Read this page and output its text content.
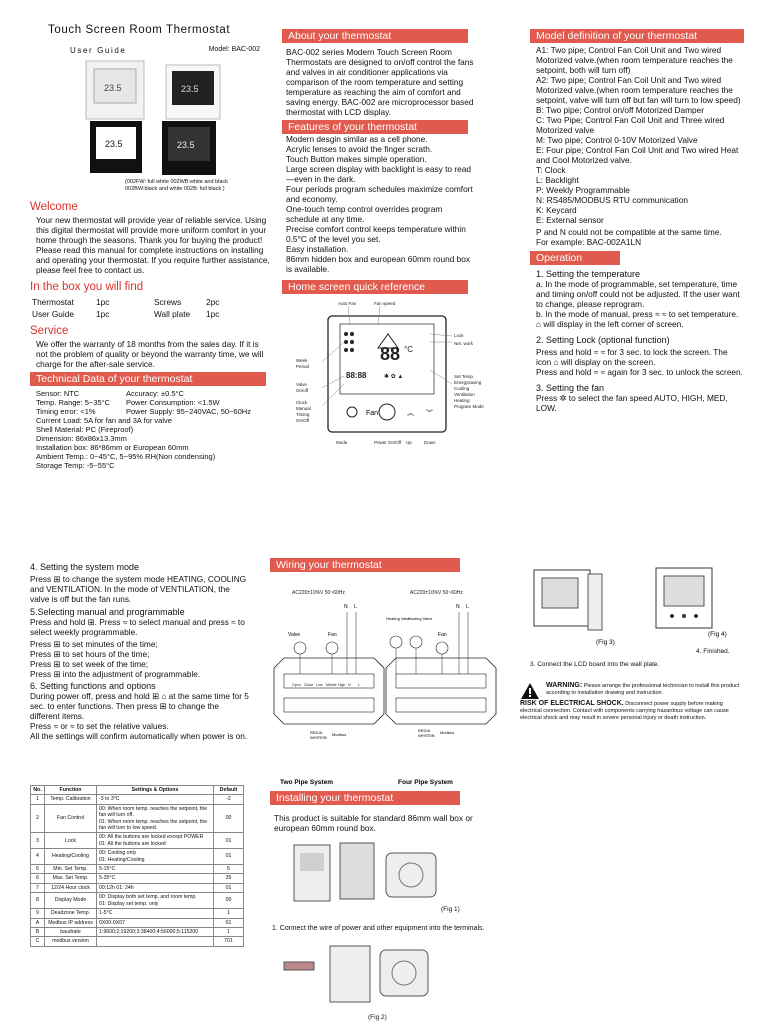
Touch Screen Room Thermostat
User Guide	Model: BAC-002
23.5	23.5
23.5	23.5
(002FW: full white 002WB:white and black
002BW:black and white 002B: full black )
Welcome

Your new thermostat will provide year of reliable service. Using this digital thermostat will provide more uniform comfort in your home through the seasons. Thank you for buying the product! Please read this manual for complete instructions on installing and operating your thermostat. If you require further assistance, please feel free to contact us.

In the box you will find
Thermostat	1pc	Screws	2pc
User Guide	1pc	Wall plate	1pc
Service

We offer the warranty of 18 months from the sales day. If it is not the problem of quality or beyond the warranty time, we will charge for the after-sale service.

Technical Data of your thermostat
Sensor: NTC	Accuracy: ±0.5°C
Temp. Range: 5~35°C	Power Consumption: <1.5W
Timing error: <1%	Power Supply: 95~240VAC, 50~60Hz
Current Load: 5A for fan and 3A for valve
Shell Material: PC (Fireproof)
Dimension: 86x86x13.3mm
Installation box: 86*86mm or European 60mm
Ambient Temp.: 0~45°C, 5~95% RH(Non condensing)
Storage Temp: -5~55°C
About your thermostat

BAC-002 series Modern Touch Screen Room Thermostats are designed to on/off control the fans and valves in air conditioner applications via comparison of the room temperature and setting temperature as reaching the aim of comfort and saving energy. BAC-002 are microprocessor based thermostat with LCD display.

Features of your thermostat

Modern desgin similar as a cell phone.

Acrylic lenses to avoid the finger scrath.

Touch Button makes simple operation.

Large screen display with backlight is easy to read—even in the dark.

Four periods program schedules maximize comfort and economy.

One-touch temp control overrides program schedule at any time.

Precise comfort control keeps temperature within 0.5°C of the level you set.

Easy installation.

86mm hidden box and european 60mm round box is available.

Home screen quick reference
88 °C
88:88	✱ ✿ ▲
Fan	︽ ︾
Auto Fan	Fan speed
Lock
Net. work
Set Temp.
Energysaving
Cooling
Ventilation
Heating
Program Mode
Week
Period
Valve
On/off
Clock
Manual
Timing
On/Off
Mode	Power On/Off Up	Down
Model definition of your thermostat

A1: Two pipe; Control Fan Coil Unit and Two wired Motorized valve.(when room temperature reaches the setpoint, both will turn off)

A2: Two pipe; Control Fan Coil Unit and Two wired Motorized valve.(when room temperature reaches the setpoint, valve will turn off but fan will turn to low speed)

B: Two pipe; Control on/off Motorized Damper

C: Two Pipe; Control Fan Coil Unit and Three wired Motorized valve

M: Two pipe; Control 0-10V Motorized Valve

E: Four pipe; Control Fan Coil Unit and Two wired Heat and Cool Motorized valve.

T: Clock

L: Backlight

P: Weekly Programmable

N: RS485/MODBUS RTU communication

K: Keycard

E: External sensor

P and N could not be compatible at the same time.

For example: BAC-002A1LN

Operation

1. Setting the temperature

a. In the mode of programmable, set temperature, time and timing on/off could not be adjusted. If the user want to change, please reprogram.

b. In the mode of manual, press ≈ ≈ to set temperature. ⌂ will display in the left corner of screen.

2. Setting Lock (optional function)

Press and hold ≈ ≈ for 3 sec. to lock the screen. The icon ⌂ will display on the screen.

Press and hold ≈ ≈ again for 3 sec. to unlock the screen.

3. Setting the fan

Press ✲ to select the fan speed AUTO, HIGH, MED, LOW.

4. Setting the system mode

Press ⊞ to change the system mode HEATING, COOLING and VENTILATION. In the mode of VENTILATION, the valve is off but the fan runs.

5.Selecting manual and programmable

Press and hold ⊞. Press ≈ to select manual and press ≈ to select weekly programmable.

Press ⊞ to set minutes of the time;

Press ⊞ to set hours of the time;

Press ⊞ to set week of the time;

Press ⊞ into the adjustment of programmable.

6. Setting functions and options

During power off, press and hold ⊞ ⌂ at the same time for 5 sec. to enter functions. Then press ⊞ to change the different items.

Press ≈ or ≈ to set the relative values.

All the settings will confirm automatically when power is on.

No.	Function	Settings & Options	Default
1	Temp. Calibration	-3 to 3°C	-2
2	Fan Control	00: When room temp. reaches the setpoint, the fan will turn off.
01: When room temp. reaches the setpoint, the fan will turn to low speed.	00
3	Lock	00: All the buttons are locked except POWER
01: All the buttons are locked	01
4	Heating/Cooling	00: Cooling only
01: Heating/Cooling	01
5	Min. Set Temp.	5-15°C	5
6	Max. Set Temp.	5-35°C	35
7	12/24 Hour clock	00:12h 01: 24h	01
8	Display Mode	00: Display both set temp. and room temp.
01: Display set temp. only	00
9	Deadzone Temp.	1-5°C	1
A	Modbus IP address	0X00-0X07	01
B	baudrate	1:9600;2:19200;3:38400;4:56000;5:115200	1
C	modbus version		701
Wiring your thermostat
AC220±10%V 50~60Hz	AC220±10%V 50~60Hz
N L
Valve	Fan
RED/A
WHITE/B
Modbus
Two Pipe System
N L
Heating Valve
Cooling Valve
Fan
RED/A
WHITE/B
Modbus
Four Pipe System
Open Close Low Middle High N L
Installing your thermostat

This product is suitable for standard 86mm wall box or european 60mm round box.

(Fig 1)

1. Connect the wire of power and other equipment into the terminals.

(Fig 2)
(Fig 3)
(Fig 4)
4. Finished.

3. Connect the LCD board into the wall plate.

WARNING: Please arrange the professional technician to install this product according to installation drawing and instruction.
RISK OF ELECTRICAL SHOCK. Disconnect power supply before making electrical connection. Contact with components carrying hazardous voltage can cause electrical shock and may result in severe personal injury or death instruction.
